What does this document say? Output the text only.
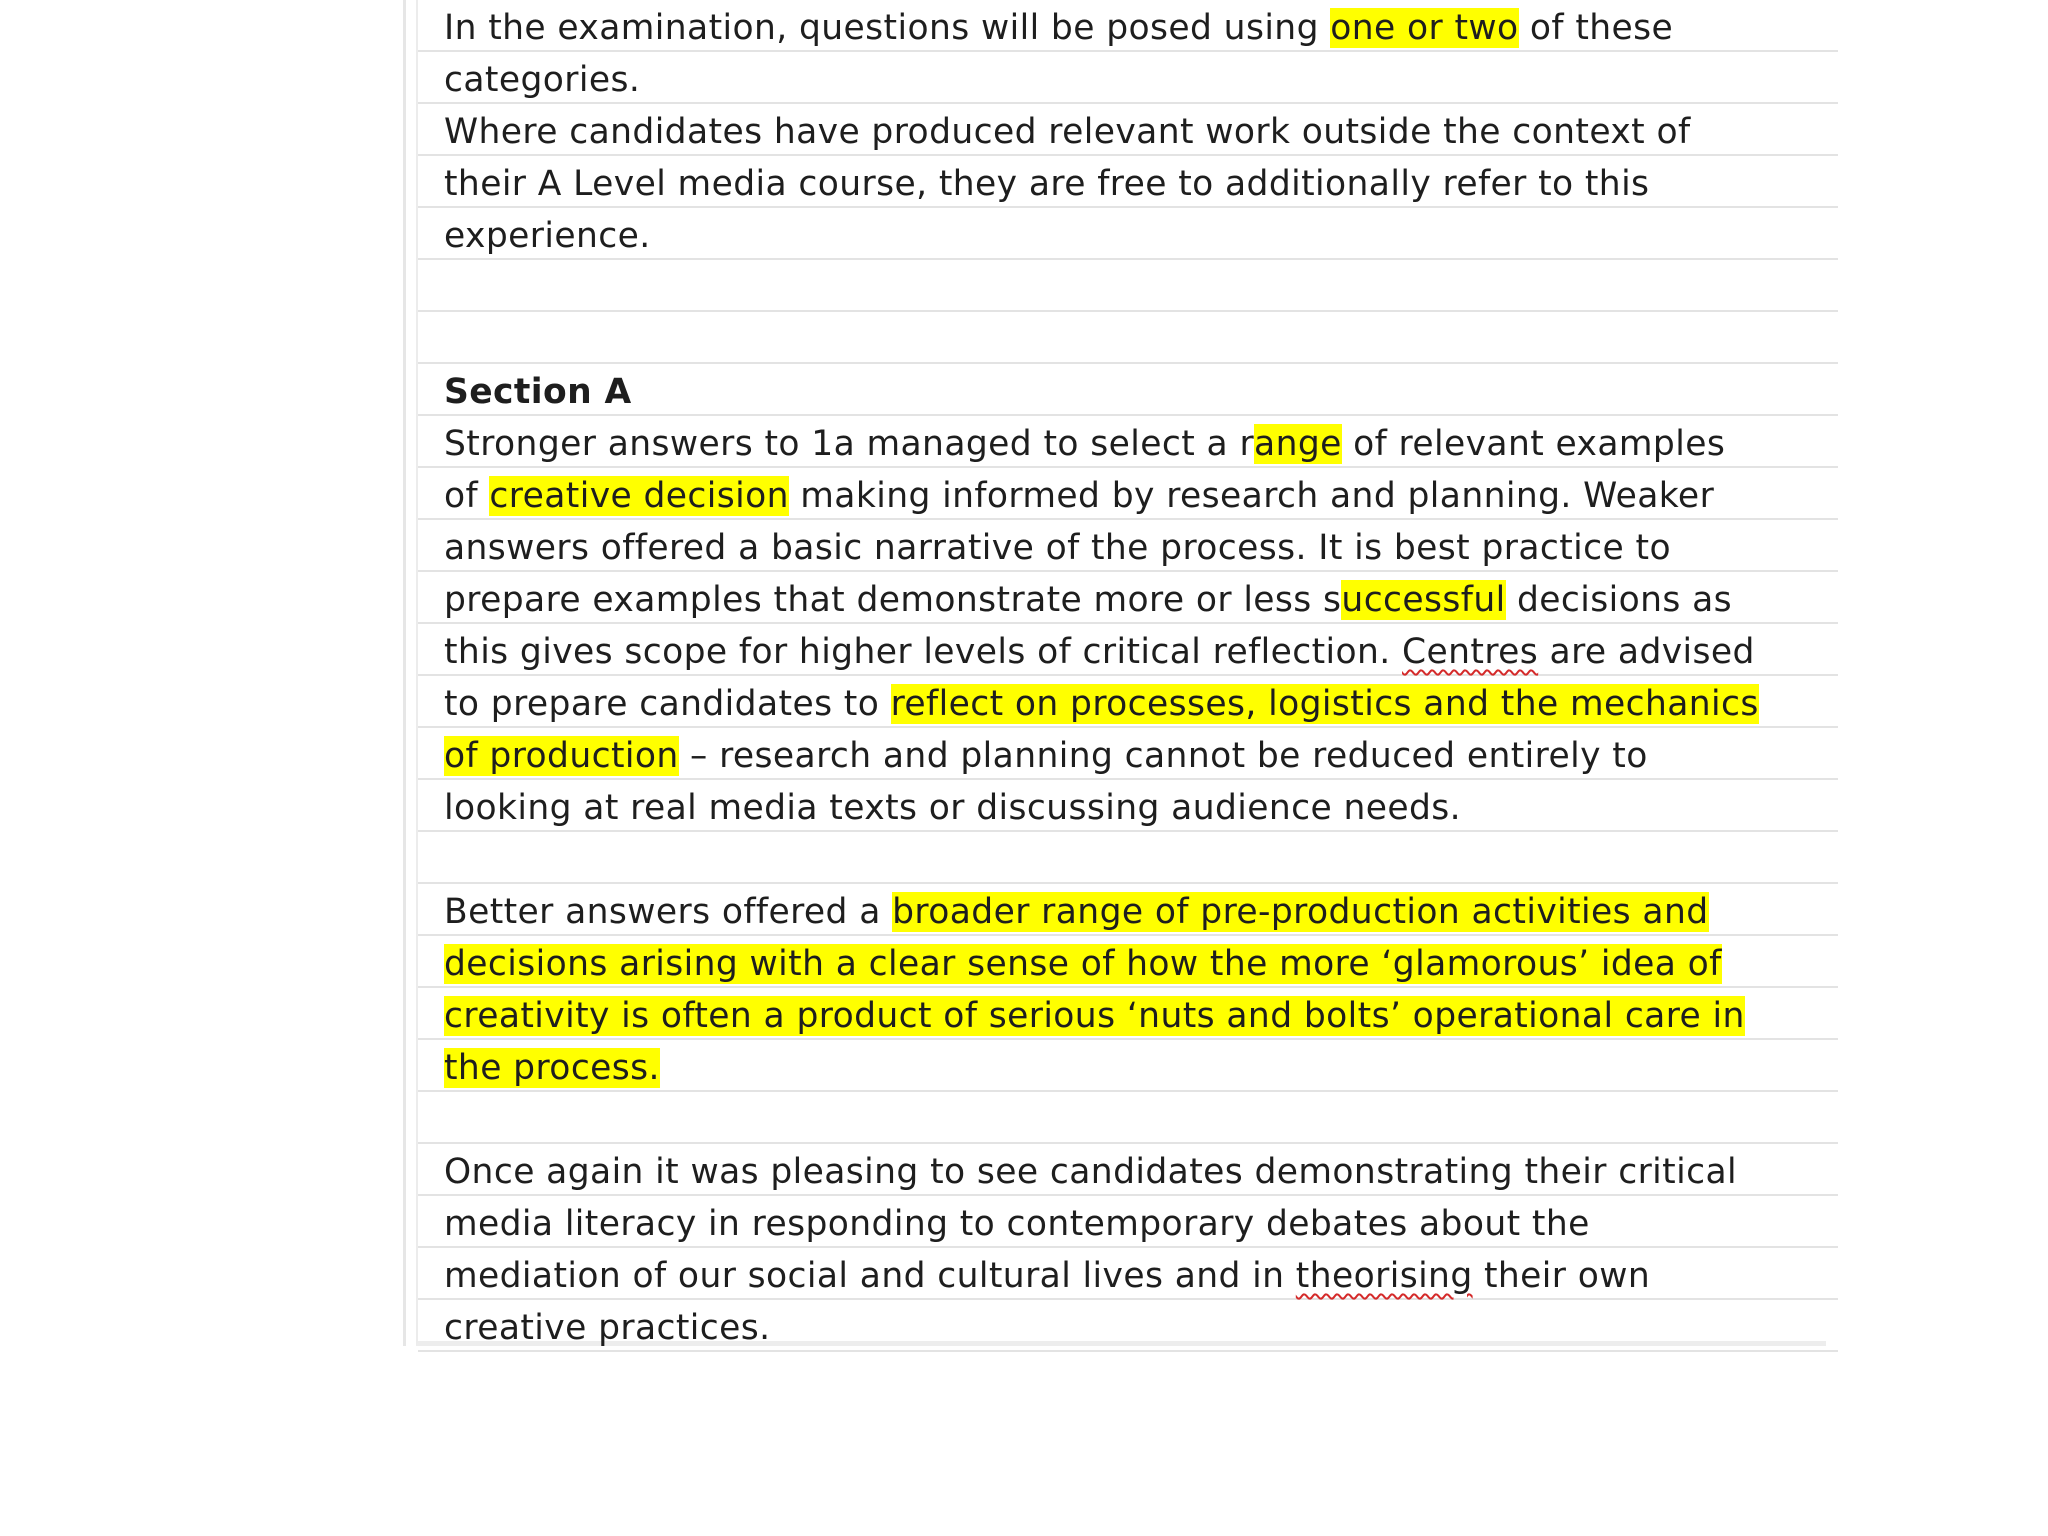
In the examination, questions will be posed using one or two of these
categories.
Where candidates have produced relevant work outside the context of
their A Level media course, they are free to additionally refer to this
experience.
Section A
Stronger answers to 1a managed to select a range of relevant examples
of creative decision making informed by research and planning. Weaker
answers offered a basic narrative of the process. It is best practice to
prepare examples that demonstrate more or less successful decisions as
this gives scope for higher levels of critical reflection. Centres are advised
to prepare candidates to reflect on processes, logistics and the mechanics
of production – research and planning cannot be reduced entirely to
looking at real media texts or discussing audience needs.
Better answers offered a broader range of pre-production activities and
decisions arising with a clear sense of how the more ‘glamorous’ idea of
creativity is often a product of serious ‘nuts and bolts’ operational care in
the process.
Once again it was pleasing to see candidates demonstrating their critical
media literacy in responding to contemporary debates about the
mediation of our social and cultural lives and in theorising their own
creative practices.
